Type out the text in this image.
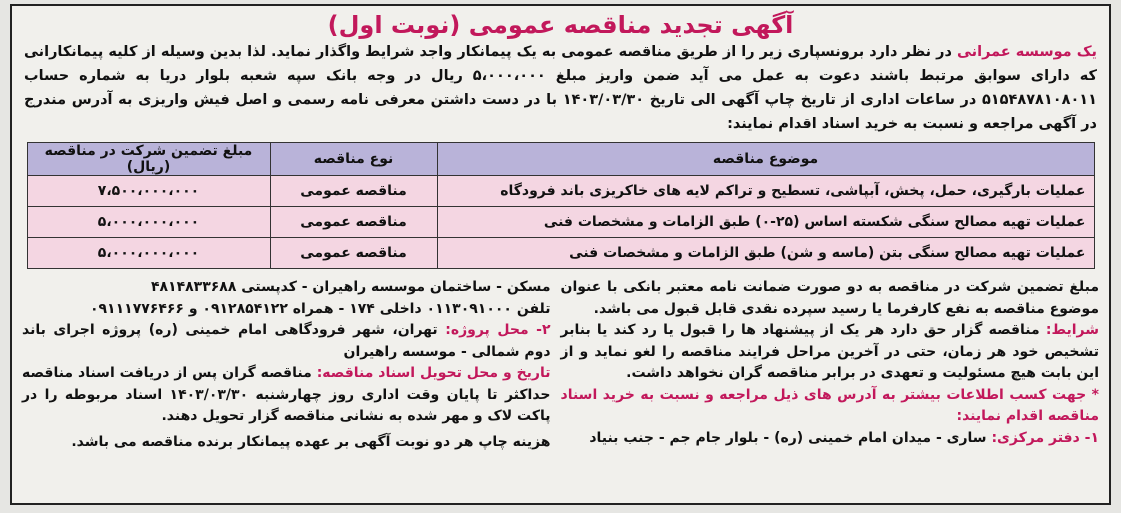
آگهی تجدید مناقصه عمومی (نوبت اول)
یک موسسه عمرانی در نظر دارد برونسپاری زیر را از طریق مناقصه عمومی به یک پیمانکار واجد شرایط واگذار نماید. لذا بدین وسیله از کلیه پیمانکارانی که دارای سوابق مرتبط باشند دعوت به عمل می آید ضمن واریز مبلغ ۵،۰۰۰،۰۰۰ ریال در وجه بانک سپه شعبه بلوار دریا به شماره حساب ۵۱۵۴۸۷۸۱۰۸۰۱۱ در ساعات اداری از تاریخ چاپ آگهی الی تاریخ ۱۴۰۳/۰۳/۳۰ با در دست داشتن معرفی نامه رسمی و اصل فیش واریزی به آدرس مندرج در آگهی مراجعه و نسبت به خرید اسناد اقدام نمایند:
موضوع مناقصه	نوع مناقصه	مبلغ تضمین شرکت در مناقصه (ریال)
عملیات بارگیری، حمل، پخش، آبپاشی، تسطیح و تراکم لایه های خاکریزی باند فرودگاه	مناقصه عمومی	۷،۵۰۰،۰۰۰،۰۰۰
عملیات تهیه مصالح سنگی شکسته اساس (۲۵-۰) طبق الزامات و مشخصات فنی	مناقصه عمومی	۵،۰۰۰،۰۰۰،۰۰۰
عملیات تهیه مصالح سنگی بتن (ماسه و شن) طبق الزامات و مشخصات فنی	مناقصه عمومی	۵،۰۰۰،۰۰۰،۰۰۰
مبلغ تضمین شرکت در مناقصه به دو صورت ضمانت نامه معتبر بانکی با عنوان موضوع مناقصه به نفع کارفرما یا رسید سپرده نقدی قابل قبول می باشد.
شرایط: مناقصه گزار حق دارد هر یک از پیشنهاد ها را قبول یا رد کند یا بنابر تشخیص خود هر زمان، حتی در آخرین مراحل فرایند مناقصه را لغو نماید و از این بابت هیچ مسئولیت و تعهدی در برابر مناقصه گران نخواهد داشت.
* جهت کسب اطلاعات بیشتر به آدرس های ذیل مراجعه و نسبت به خرید اسناد مناقصه اقدام نمایند:
۱- دفتر مرکزی: ساری - میدان امام خمینی (ره) - بلوار جام جم - جنب بنیاد
مسکن - ساختمان موسسه راهیران - کدپستی ۴۸۱۴۸۳۳۶۸۸
تلفن ۰۱۱۳۰۹۱۰۰۰ داخلی ۱۷۴ - همراه ۰۹۱۲۸۵۴۱۲۲ و ۰۹۱۱۱۷۷۶۴۶۶
۲- محل پروژه: تهران، شهر فرودگاهی امام خمینی (ره) پروژه اجرای باند دوم شمالی - موسسه راهیران
تاریخ و محل تحویل اسناد مناقصه: مناقصه گران پس از دریافت اسناد مناقصه حداکثر تا پایان وقت اداری روز چهارشنبه ۱۴۰۳/۰۳/۳۰ اسناد مربوطه را در پاکت لاک و مهر شده به نشانی مناقصه گزار تحویل دهند.
هزینه چاپ هر دو نوبت آگهی بر عهده پیمانکار برنده مناقصه می باشد.
